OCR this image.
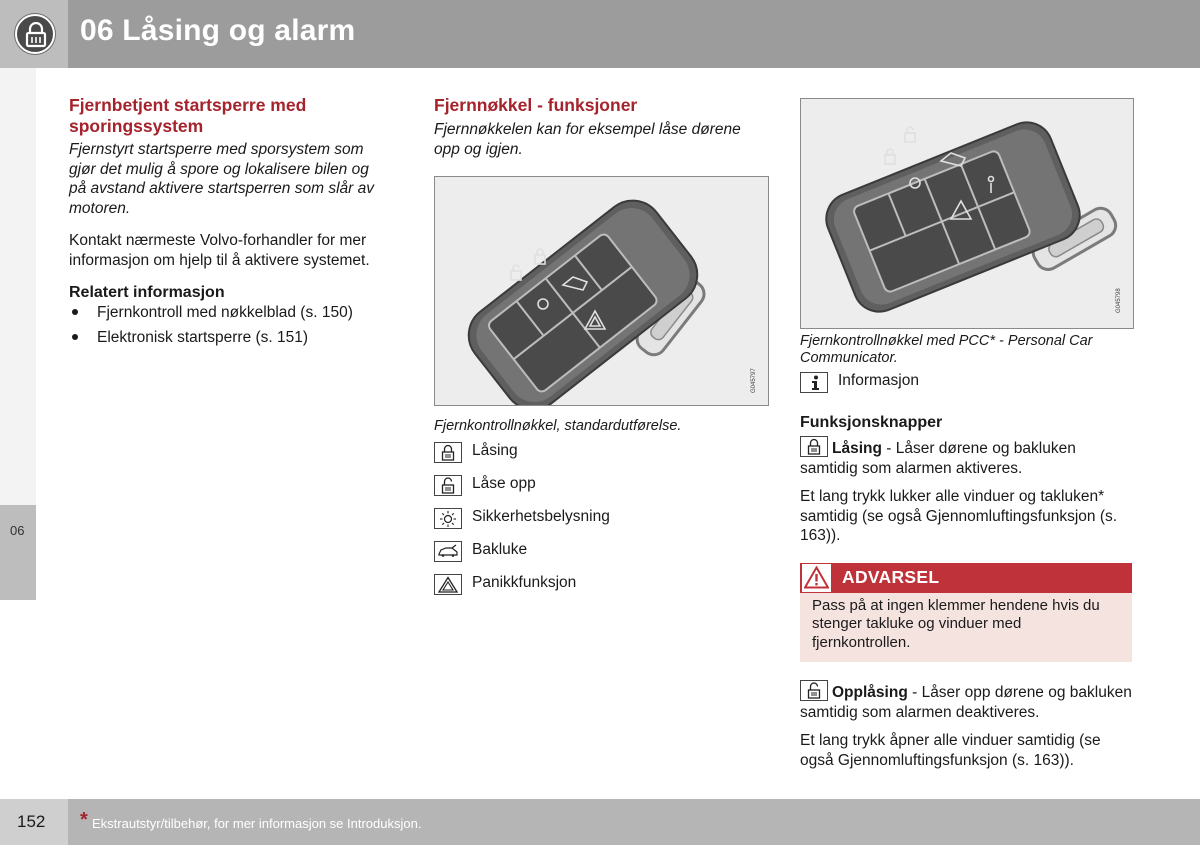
06 Låsing og alarm
06
Fjernbetjent startsperre med sporingssystem

Fjernstyrt startsperre med sporsystem som gjør det mulig å spore og lokalisere bilen og på avstand aktivere startsperren som slår av motoren.

Kontakt nærmeste Volvo-forhandler for mer informasjon om hjelp til å aktivere systemet.

Relatert informasjon
Fjernkontroll med nøkkelblad (s. 150)
Elektronisk startsperre (s. 151)
Fjernnøkkel - funksjoner

Fjernnøkkelen kan for eksempel låse dørene opp og igjen.

G045797

Fjernkontrollnøkkel, standardutførelse.

Låsing
Låse opp
Sikkerhetsbelysning
Bakluke
Panikkfunksjon
G045798

Fjernkontrollnøkkel med PCC* - Personal Car Communicator.

Informasjon
Funksjonsknapper

Låsing - Låser dørene og bakluken samtidig som alarmen aktiveres.

Et lang trykk lukker alle vinduer og takluken* samtidig (se også Gjennomluftingsfunksjon (s. 163)).

ADVARSEL
Pass på at ingen klemmer hendene hvis du stenger takluke og vinduer med fjernkontrollen.

Opplåsing - Låser opp dørene og bakluken samtidig som alarmen deaktiveres.

Et lang trykk åpner alle vinduer samtidig (se også Gjennomluftingsfunksjon (s. 163)).

152 * Ekstrautstyr/tilbehør, for mer informasjon se Introduksjon.
